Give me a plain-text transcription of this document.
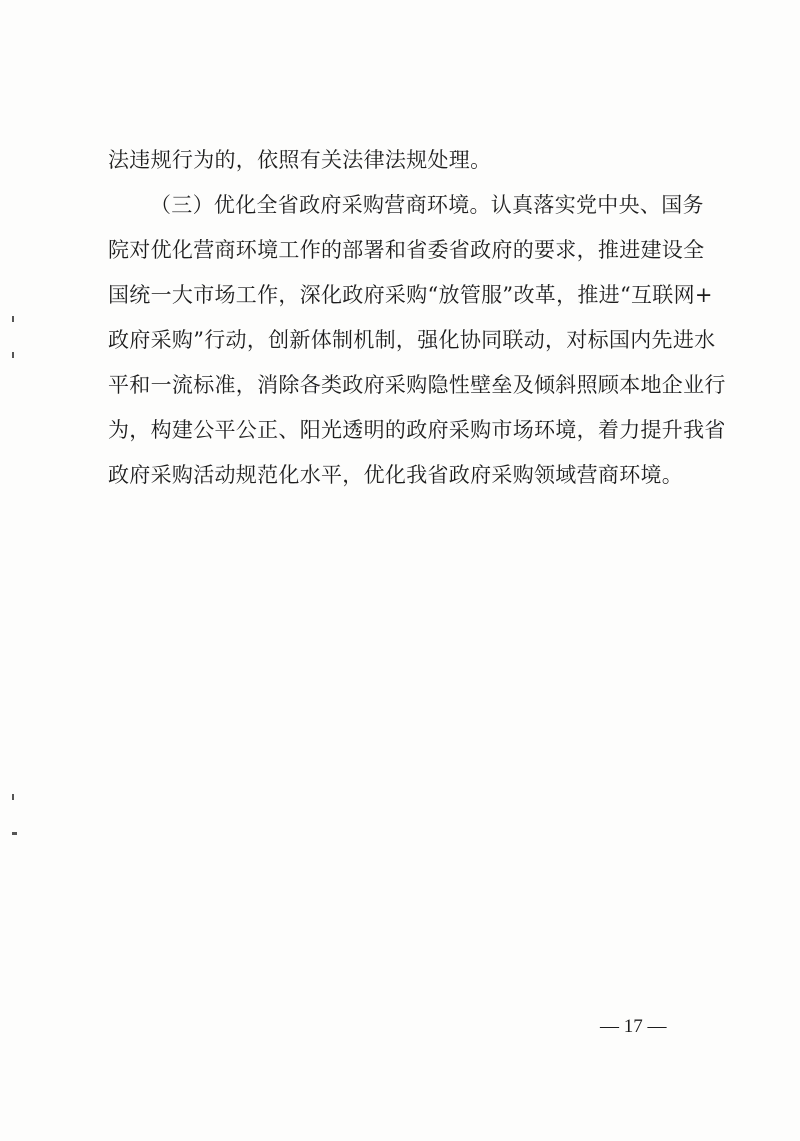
法违规行为的，依照有关法律法规处理。
（三）优化全省政府采购营商环境。认真落实党中央、国务
院对优化营商环境工作的部署和省委省政府的要求，推进建设全
国统一大市场工作，深化政府采购“放管服”改革，推进“互联网+
政府采购”行动，创新体制机制，强化协同联动，对标国内先进水
平和一流标准，消除各类政府采购隐性壁垒及倾斜照顾本地企业行
为，构建公平公正、阳光透明的政府采购市场环境，着力提升我省
政府采购活动规范化水平，优化我省政府采购领域营商环境。
— 17 —
